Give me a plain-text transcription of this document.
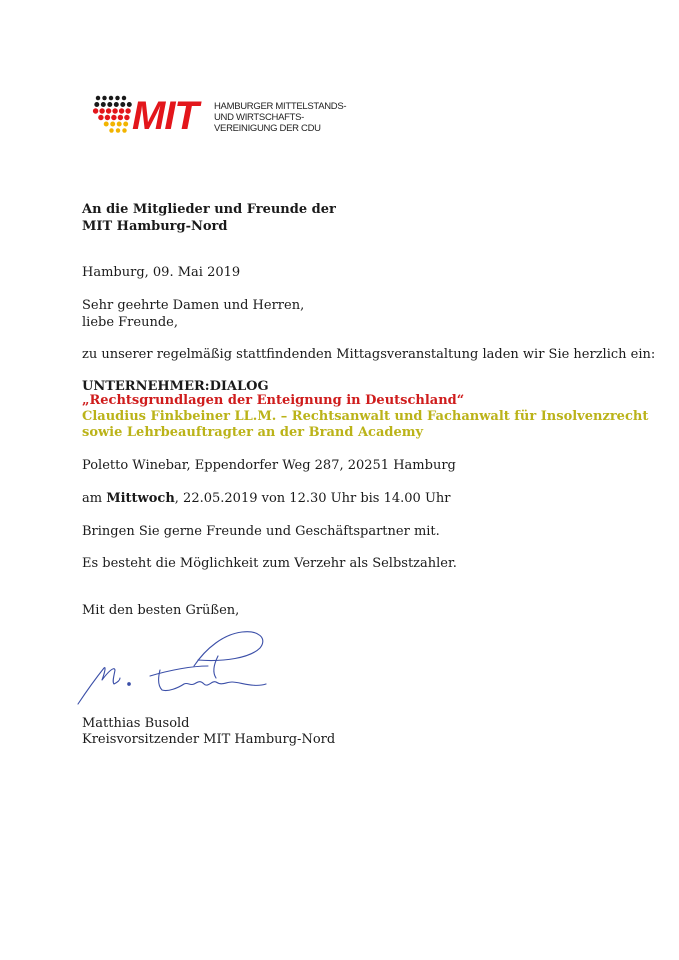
MIT HAMBURGER MITTELSTANDS-
UND WIRTSCHAFTS-
VEREINIGUNG DER CDU
An die Mitglieder und Freunde der
MIT Hamburg-Nord
Hamburg, 09. Mai 2019
Sehr geehrte Damen und Herren,
liebe Freunde,
zu unserer regelmäßig stattfindenden Mittagsveranstaltung laden wir Sie herzlich ein:
UNTERNEHMER:DIALOG
„Rechtsgrundlagen der Enteignung in Deutschland“
Claudius Finkbeiner LL.M. – Rechtsanwalt und Fachanwalt für Insolvenzrecht
sowie Lehrbeauftragter an der Brand Academy
Poletto Winebar, Eppendorfer Weg 287, 20251 Hamburg
am Mittwoch, 22.05.2019 von 12.30 Uhr bis 14.00 Uhr
Bringen Sie gerne Freunde und Geschäftspartner mit.
Es besteht die Möglichkeit zum Verzehr als Selbstzahler.
Mit den besten Grüßen,
Matthias Busold
Kreisvorsitzender MIT Hamburg-Nord
